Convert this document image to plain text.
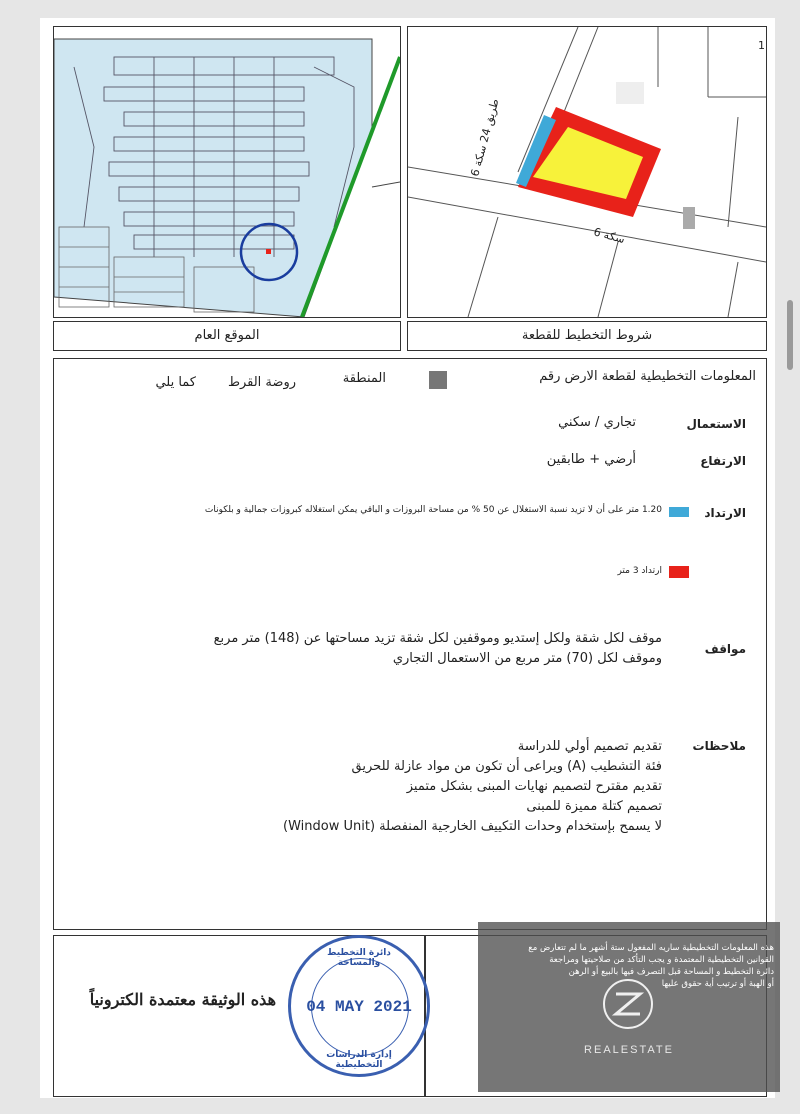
طريق 24 سكة 6
سكة 6
1
الموقع العام	شروط التخطيط للقطعة
المعلومات التخطيطية لقطعة الارض رقم
المنطقة
روضة القرط
كما يلي
الاستعمال
تجاري / سكني
الارتفاع
أرضي + طابقين
الارتداد
1.20 متر على أن لا تزيد نسبة الاستغلال عن 50 % من مساحة البروزات و الباقي يمكن استغلاله كبروزات جمالية و بلكونات
ارتداد 3 متر
مواقف
موقف لكل شقة ولكل إستديو وموقفين لكل شقة تزيد مساحتها عن (148) متر مربع
وموقف لكل (70) متر مربع من الاستعمال التجاري
ملاحظات
تقديم تصميم أولي للدراسة
فئة التشطيب (A) ويراعى أن تكون من مواد عازلة للحريق
تقديم مقترح لتصميم نهايات المبنى بشكل متميز
تصميم كتلة مميزة للمبنى
لا يسمح بإستخدام وحدات التكييف الخارجية المنفصلة (Window Unit)
هذه الوثيقة معتمدة الكترونياً
دائرة التخطيط والمساحة
04 MAY 2021
إدارة الدراسات التخطيطية
هذه المعلومات التخطيطية ساريه المفعول ستة أشهر ما لم تتعارض مع
القوانين التخطيطية المعتمدة و يجب التأكد من صلاحيتها ومراجعة
دائرة التخطيط و المساحة قبل التصرف فيها بالبيع أو الرهن
أو الهبة أو ترتيب أية حقوق عليها
REALESTATE
